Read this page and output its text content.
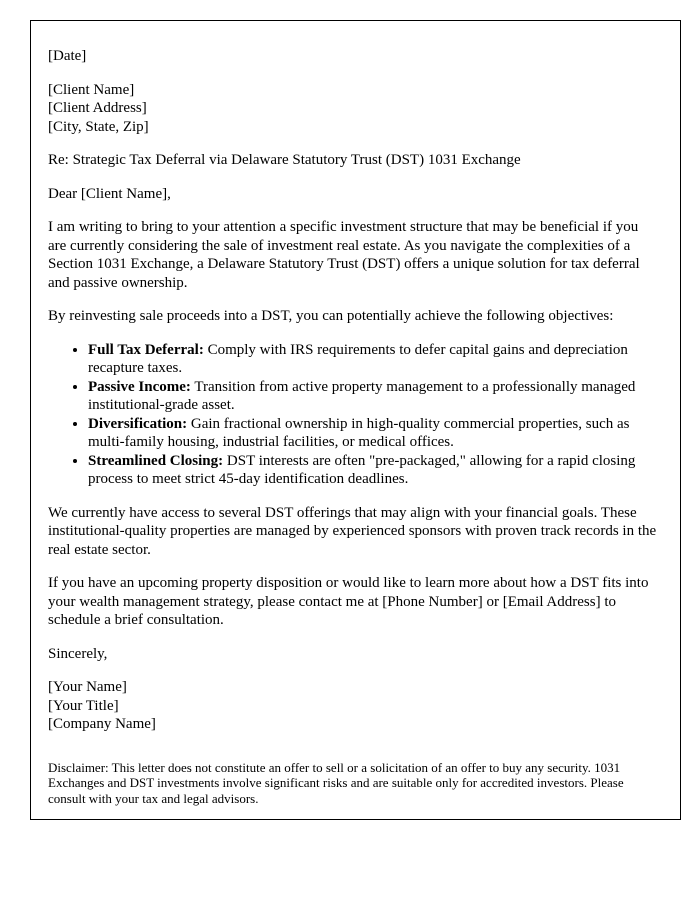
[Date]

[Client Name]
[Client Address]
[City, State, Zip]

Re: Strategic Tax Deferral via Delaware Statutory Trust (DST) 1031 Exchange

Dear [Client Name],

I am writing to bring to your attention a specific investment structure that may be beneficial if you are currently considering the sale of investment real estate. As you navigate the complexities of a Section 1031 Exchange, a Delaware Statutory Trust (DST) offers a unique solution for tax deferral and passive ownership.

By reinvesting sale proceeds into a DST, you can potentially achieve the following objectives:

• Full Tax Deferral: Comply with IRS requirements to defer capital gains and depreciation recapture taxes.
• Passive Income: Transition from active property management to a professionally managed institutional-grade asset.
• Diversification: Gain fractional ownership in high-quality commercial properties, such as multi-family housing, industrial facilities, or medical offices.
• Streamlined Closing: DST interests are often "pre-packaged," allowing for a rapid closing process to meet strict 45-day identification deadlines.

We currently have access to several DST offerings that may align with your financial goals. These institutional-quality properties are managed by experienced sponsors with proven track records in the real estate sector.

If you have an upcoming property disposition or would like to learn more about how a DST fits into your wealth management strategy, please contact me at [Phone Number] or [Email Address] to schedule a brief consultation.

Sincerely,

[Your Name]
[Your Title]
[Company Name]

Disclaimer: This letter does not constitute an offer to sell or a solicitation of an offer to buy any security. 1031 Exchanges and DST investments involve significant risks and are suitable only for accredited investors. Please consult with your tax and legal advisors.
